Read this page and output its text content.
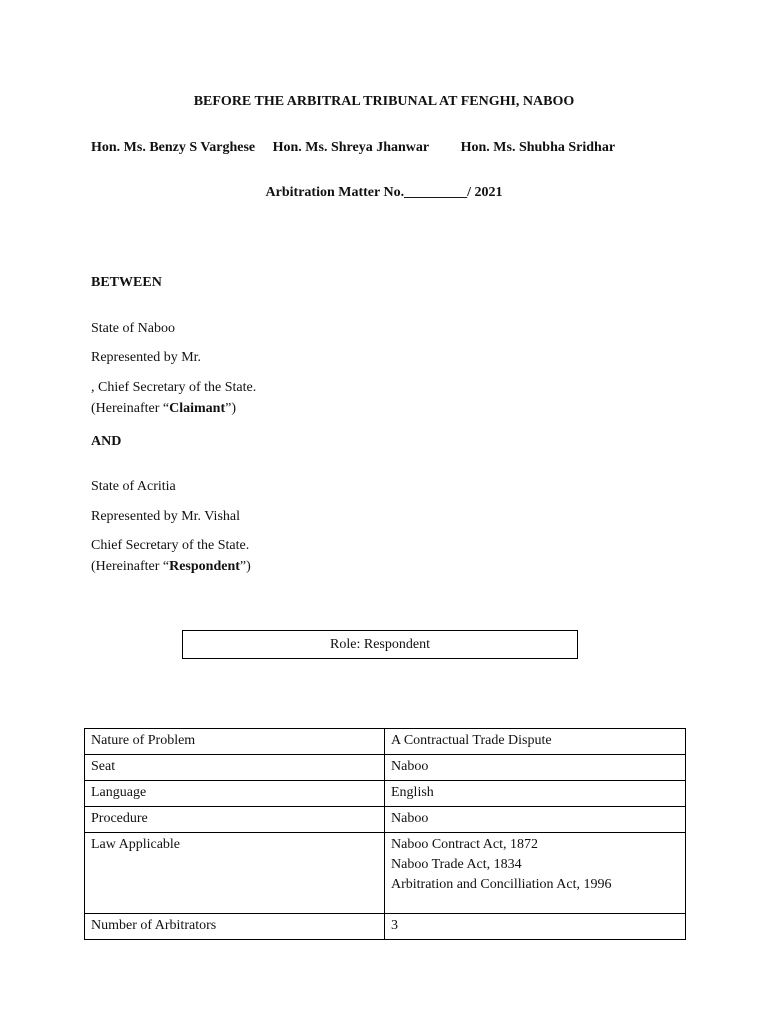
BEFORE THE ARBITRAL TRIBUNAL AT FENGHI, NABOO
Hon. Ms. Benzy S Varghese Hon. Ms. Shreya Jhanwar Hon. Ms. Shubha Sridhar
Arbitration Matter No._________/ 2021
BETWEEN
State of Naboo
Represented by Mr.
, Chief Secretary of the State.
(Hereinafter “Claimant”)
AND
State of Acritia
Represented by Mr. Vishal
Chief Secretary of the State.
(Hereinafter “Respondent”)
Role: Respondent
Nature of Problem	A Contractual Trade Dispute

Seat	Naboo

Language	English

Procedure	Naboo

Law Applicable	Naboo Contract Act, 1872
Naboo Trade Act, 1834
Arbitration and Concilliation Act, 1996

Number of Arbitrators	3
